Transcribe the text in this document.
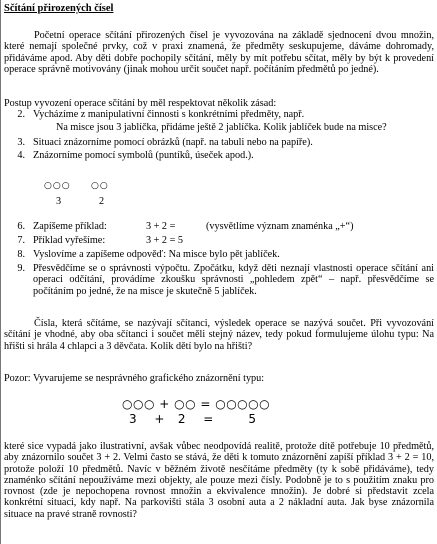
Sčítání přirozených čísel
Početní operace sčítání přirozených čísel je vyvozována na základě sjednocení dvou množin, které nemají společné prvky, což v praxi znamená, že předměty seskupujeme, dáváme dohromady, přidáváme apod. Aby děti dobře pochopily sčítání, měly by mít potřebu sčítat, měly by být k provedení operace správně motivovány (jinak mohou určit součet např. počítáním předmětů po jedné).
Postup vyvození operace sčítání by měl respektovat několik zásad:
2. Vycházíme z manipulativní činnosti s konkrétními předměty, např.
Na misce jsou 3 jablíčka, přidáme ještě 2 jablíčka. Kolik jablíček bude na misce?
3. Situaci znázorníme pomocí obrázků (např. na tabuli nebo na papíře).
4. Znázorníme pomocí symbolů (puntíků, úseček apod.).
○○○ ○○
3	2
6. Zapíšeme příklad:	3 + 2 =	(vysvětlíme význam znaménka „+“)
7. Příklad vyřešíme:	3 + 2 = 5
8. Vyslovíme a zapíšeme odpověď: Na misce bylo pět jablíček.
9. Přesvědčíme se o správnosti výpočtu. Zpočátku, když děti neznají vlastnosti operace sčítání ani operaci odčítání, provádíme zkoušku správnosti „pohledem zpět“ – např. přesvědčíme se počítáním po jedné, že na misce je skutečně 5 jablíček.
Čísla, která sčítáme, se nazývají sčítanci, výsledek operace se nazývá součet. Při vyvozování sčítání je vhodné, aby oba sčítanci i součet měli stejný název, tedy pokud formulujeme úlohu typu: Na hřišti si hrála 4 chlapci a 3 děvčata. Kolik dětí bylo na hřišti?
Pozor: Vyvarujeme se nesprávného grafického znázornění typu:
○○○ + ○○ = ○○○○○
3    +   2    =        5
které sice vypadá jako ilustrativní, avšak vůbec neodpovídá realitě, protože dítě potřebuje 10 předmětů, aby znázornilo součet 3 + 2. Velmi často se stává, že děti k tomuto znázornění zapíší příklad 3 + 2 = 10, protože položí 10 předmětů. Navíc v běžném životě nesčítáme předměty (ty k sobě přidáváme), tedy znaménko sčítání nepoužíváme mezi objekty, ale pouze mezi čísly. Podobně je to s použitím znaku pro rovnost (zde je nepochopena rovnost množin a ekvivalence množin). Je dobré si představit zcela konkrétní situaci, kdy např. Na parkovišti stála 3 osobní auta a 2 nákladní auta. Jak byse znázornila situace na pravé straně rovnosti?
